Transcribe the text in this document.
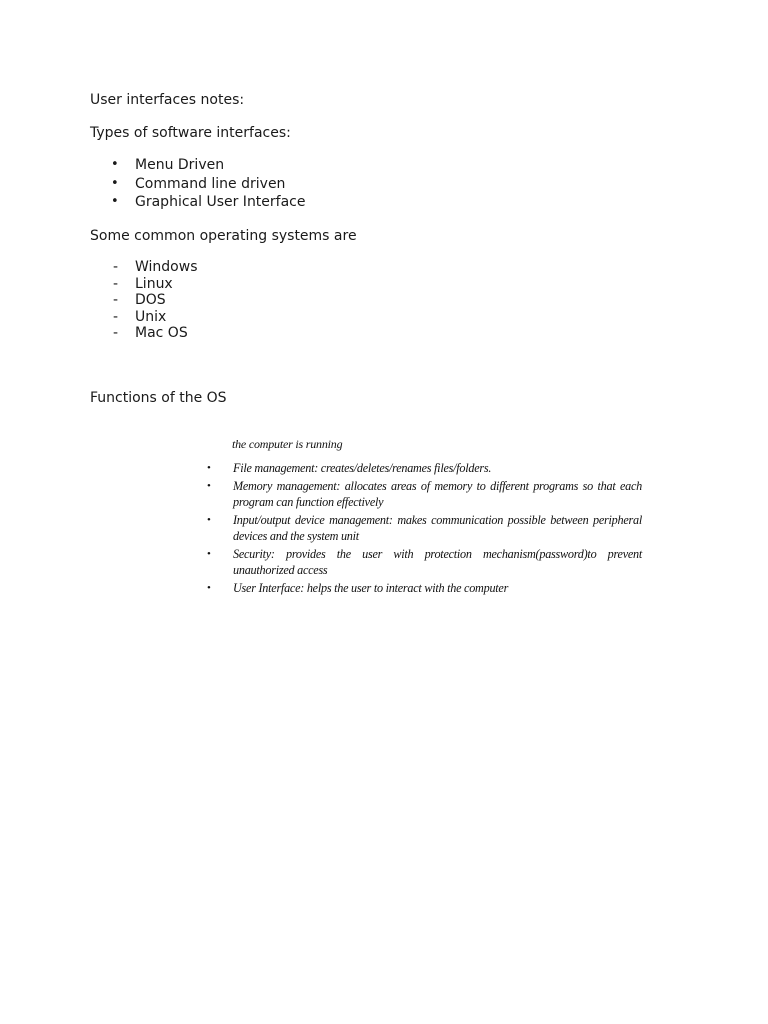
User interfaces notes:

Types of software interfaces:

• Menu Driven
• Command line driven
• Graphical User Interface

Some common operating systems are

- Windows
- Linux
- DOS
- Unix
- Mac OS

Functions of the OS

the computer is running
• File management: creates/deletes/renames files/folders.
• Memory management: allocates areas of memory to different programs so that each program can function effectively
• Input/output device management: makes communication possible between peripheral devices and the system unit
• Security: provides the user with protection mechanism(password)to prevent unauthorized access
• User Interface: helps the user to interact with the computer
